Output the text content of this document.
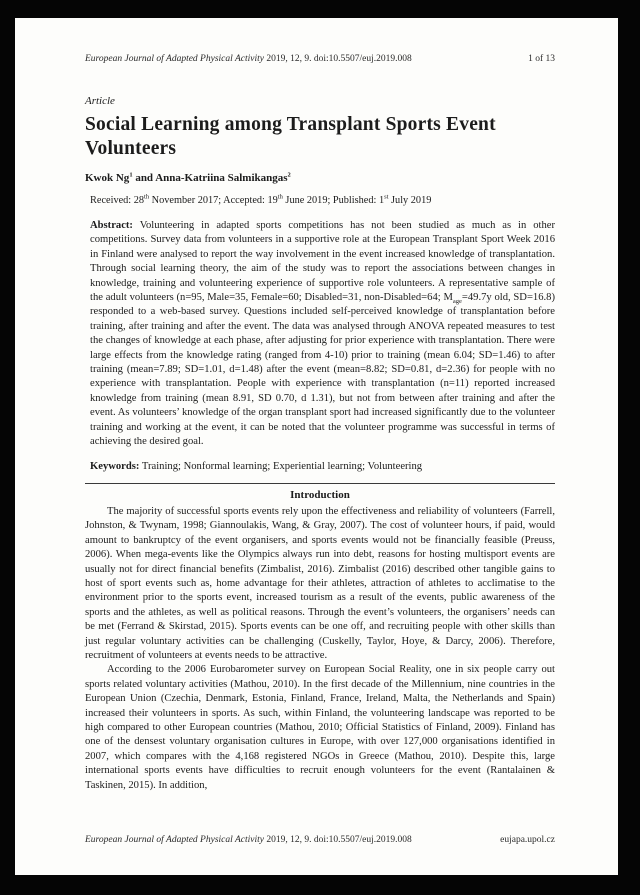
European Journal of Adapted Physical Activity 2019, 12, 9. doi:10.5507/euj.2019.008	1 of 13
Article
Social Learning among Transplant Sports Event Volunteers
Kwok Ng$^1$ and Anna-Katriina Salmikangas$^2$
Received: 28th November 2017; Accepted: 19th June 2019; Published: 1st July 2019

Abstract: Volunteering in adapted sports competitions has not been studied as much as in other competitions. Survey data from volunteers in a supportive role at the European Transplant Sport Week 2016 in Finland were analysed to report the way involvement in the event increased knowledge of transplantation. Through social learning theory, the aim of the study was to report the associations between changes in knowledge, training and volunteering experience of supportive role volunteers. A representative sample of the adult volunteers (n=95, Male=35, Female=60; Disabled=31, non-Disabled=64; $M_{age}=49.7y$ old, SD=16.8) responded to a web-based survey. Questions included self-perceived knowledge of transplantation before training, after training and after the event. The data was analysed through ANOVA repeated measures to test the changes of knowledge at each phase, after adjusting for prior experience with transplantation. There were large effects from the knowledge rating (ranged from 4-10) prior to training (mean 6.04; SD=1.46) to after training (mean=7.89; SD=1.01, d=1.48) after the event (mean=8.82; SD=0.81, d=2.36) for people with no experience with transplantation. People with experience with transplantation (n=11) reported increased knowledge from training (mean 8.91, SD 0.70, d 1.31), but not from between after training and after the event. As volunteers’ knowledge of the organ transplant sport had increased significantly due to the volunteer training and working at the event, it can be noted that the volunteer programme was successful in terms of achieving the desired goal.

Keywords: Training; Nonformal learning; Experiential learning; Volunteering

Introduction

The majority of successful sports events rely upon the effectiveness and reliability of volunteers (Farrell, Johnston, & Twynam, 1998; Giannoulakis, Wang, & Gray, 2007). The cost of volunteer hours, if paid, would amount to bankruptcy of the event organisers, and sports events would not be financially feasible (Preuss, 2006). When mega-events like the Olympics always run into debt, reasons for hosting multisport events are usually not for direct financial benefits (Zimbalist, 2016). Zimbalist (2016) described other tangible gains to host of sport events such as, home advantage for their athletes, attraction of athletes to acclimatise to the environment prior to the sports event, increased tourism as a result of the events, public awareness of the sports and the athletes, as well as political reasons. Through the event’s volunteers, the organisers’ needs can be met (Ferrand & Skirstad, 2015). Sports events can be one off, and recruiting people with other skills than just regular voluntary activities can be challenging (Cuskelly, Taylor, Hoye, & Darcy, 2006). Therefore, recruitment of volunteers at events needs to be attractive.

According to the 2006 Eurobarometer survey on European Social Reality, one in six people carry out sports related voluntary activities (Mathou, 2010). In the first decade of the Millennium, nine countries in the European Union (Czechia, Denmark, Estonia, Finland, France, Ireland, Malta, the Netherlands and Spain) increased their volunteers in sports. As such, within Finland, the volunteering landscape was reported to be high compared to other European countries (Mathou, 2010; Official Statistics of Finland, 2009). Finland has one of the densest voluntary organisation cultures in Europe, with over 127,000 organisations identified in 2007, which compares with the 4,168 registered NGOs in Greece (Mathou, 2010). Despite this, large international sports events have difficulties to recruit enough volunteers for the event (Rantalainen & Taskinen, 2015). In addition,

European Journal of Adapted Physical Activity 2019, 12, 9. doi:10.5507/euj.2019.008	eujapa.upol.cz
